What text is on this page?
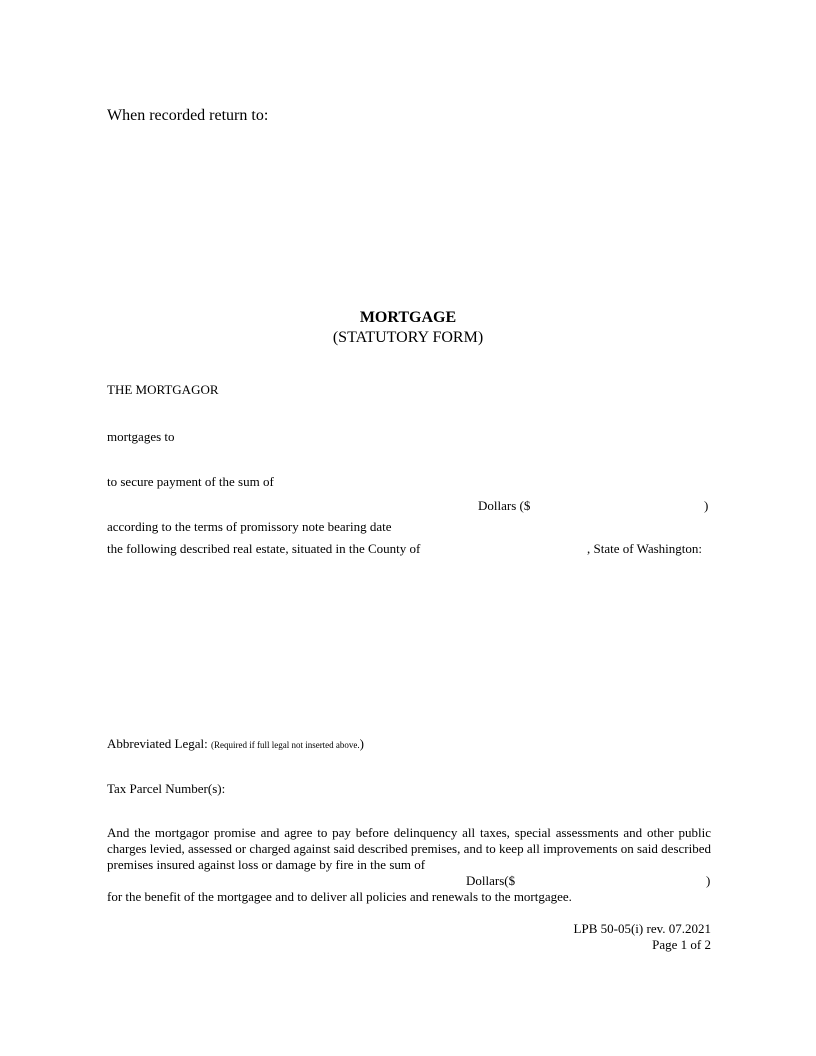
When recorded return to:
MORTGAGE
(STATUTORY FORM)
THE MORTGAGOR
mortgages to
to secure payment of the sum of
Dollars ($	)
according to the terms of promissory note bearing date
the following described real estate, situated in the County of	, State of Washington:
Abbreviated Legal: (Required if full legal not inserted above.)
Tax Parcel Number(s):
And the mortgagor promise and agree to pay before delinquency all taxes, special assessments and other public charges levied, assessed or charged against said described premises, and to keep all improvements on said described premises insured against loss or damage by fire in the sum of
Dollars($	)
for the benefit of the mortgagee and to deliver all policies and renewals to the mortgagee.
LPB 50-05(i) rev. 07.2021
Page 1 of 2
